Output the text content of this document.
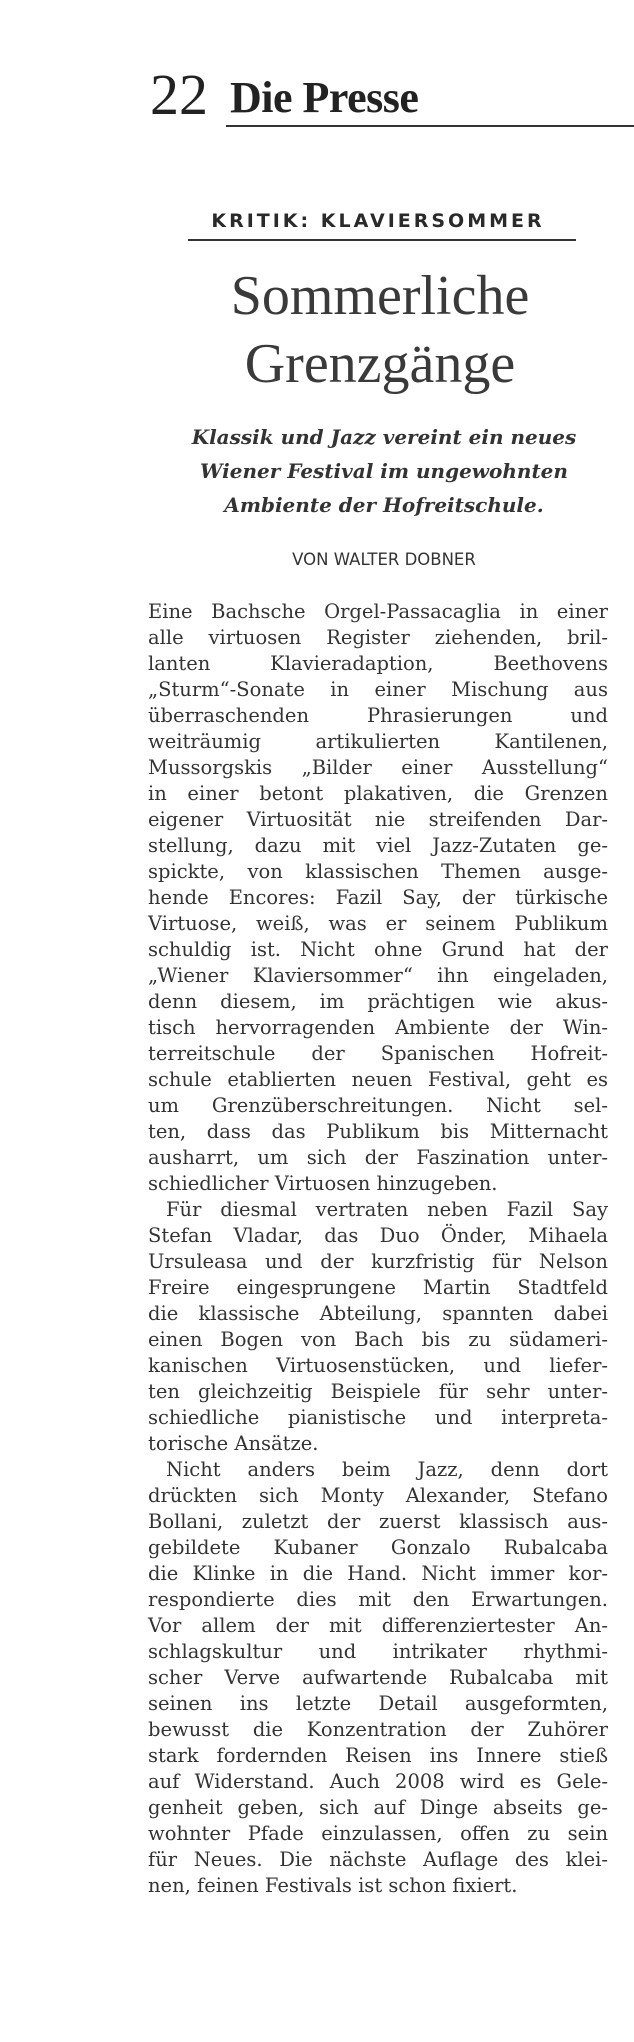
22 Die Presse
KRITIK: KLAVIERSOMMER
Sommerliche
Grenzgänge
Klassik und Jazz vereint ein neues
Wiener Festival im ungewohnten
Ambiente der Hofreitschule.
VON WALTER DOBNER
Eine Bachsche Orgel-Passacaglia in einer
alle virtuosen Register ziehenden, bril-
lanten Klavieradaption, Beethovens
„Sturm“-Sonate in einer Mischung aus
überraschenden Phrasierungen und
weiträumig artikulierten Kantilenen,
Mussorgskis „Bilder einer Ausstellung“
in einer betont plakativen, die Grenzen
eigener Virtuosität nie streifenden Dar-
stellung, dazu mit viel Jazz-Zutaten ge-
spickte, von klassischen Themen ausge-
hende Encores: Fazil Say, der türkische
Virtuose, weiß, was er seinem Publikum
schuldig ist. Nicht ohne Grund hat der
„Wiener Klaviersommer“ ihn eingeladen,
denn diesem, im prächtigen wie akus-
tisch hervorragenden Ambiente der Win-
terreitschule der Spanischen Hofreit-
schule etablierten neuen Festival, geht es
um Grenzüberschreitungen. Nicht sel-
ten, dass das Publikum bis Mitternacht
ausharrt, um sich der Faszination unter-
schiedlicher Virtuosen hinzugeben.
Für diesmal vertraten neben Fazil Say
Stefan Vladar, das Duo Önder, Mihaela
Ursuleasa und der kurzfristig für Nelson
Freire eingesprungene Martin Stadtfeld
die klassische Abteilung, spannten dabei
einen Bogen von Bach bis zu südameri-
kanischen Virtuosenstücken, und liefer-
ten gleichzeitig Beispiele für sehr unter-
schiedliche pianistische und interpreta-
torische Ansätze.
Nicht anders beim Jazz, denn dort
drückten sich Monty Alexander, Stefano
Bollani, zuletzt der zuerst klassisch aus-
gebildete Kubaner Gonzalo Rubalcaba
die Klinke in die Hand. Nicht immer kor-
respondierte dies mit den Erwartungen.
Vor allem der mit differenziertester An-
schlagskultur und intrikater rhythmi-
scher Verve aufwartende Rubalcaba mit
seinen ins letzte Detail ausgeformten,
bewusst die Konzentration der Zuhörer
stark fordernden Reisen ins Innere stieß
auf Widerstand. Auch 2008 wird es Gele-
genheit geben, sich auf Dinge abseits ge-
wohnter Pfade einzulassen, offen zu sein
für Neues. Die nächste Auflage des klei-
nen, feinen Festivals ist schon fixiert.
